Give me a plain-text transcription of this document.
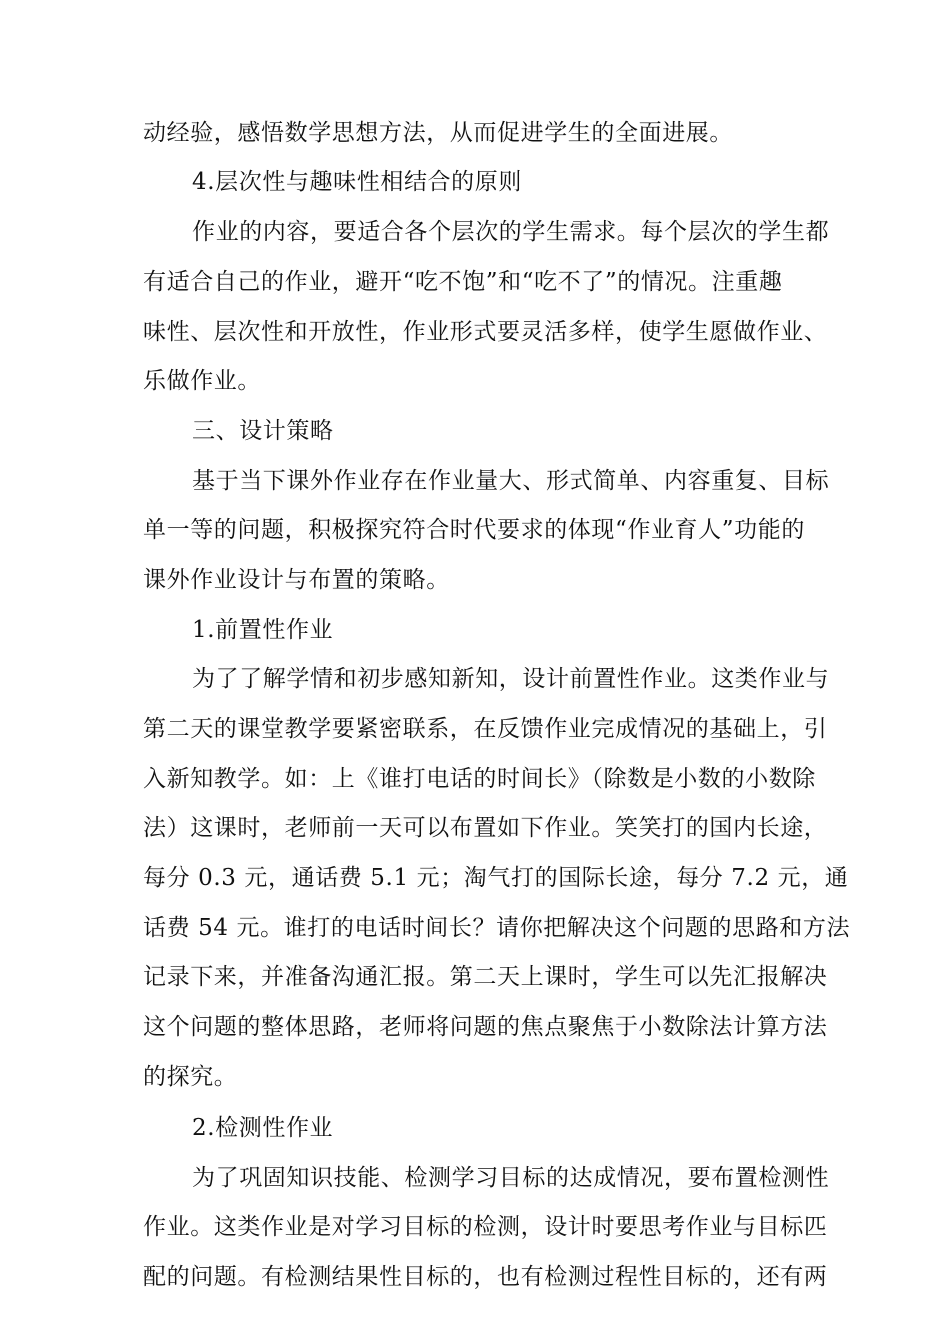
动经验，感悟数学思想方法，从而促进学生的全面进展。

4.层次性与趣味性相结合的原则

作业的内容，要适合各个层次的学生需求。每个层次的学生都

有适合自己的作业，避开“吃不饱”和“吃不了”的情况。注重趣

味性、层次性和开放性，作业形式要灵活多样，使学生愿做作业、

乐做作业。

三、设计策略

基于当下课外作业存在作业量大、形式简单、内容重复、目标

单一等的问题，积极探究符合时代要求的体现“作业育人”功能的

课外作业设计与布置的策略。

1.前置性作业

为了了解学情和初步感知新知，设计前置性作业。这类作业与

第二天的课堂教学要紧密联系，在反馈作业完成情况的基础上，引

入新知教学。如：上《谁打电话的时间长》（除数是小数的小数除

法）这课时，老师前一天可以布置如下作业。笑笑打的国内长途，

每分 0.3 元，通话费 5.1 元；淘气打的国际长途，每分 7.2 元，通

话费 54 元。谁打的电话时间长？请你把解决这个问题的思路和方法

记录下来，并准备沟通汇报。第二天上课时，学生可以先汇报解决

这个问题的整体思路，老师将问题的焦点聚焦于小数除法计算方法

的探究。

2.检测性作业

为了巩固知识技能、检测学习目标的达成情况，要布置检测性

作业。这类作业是对学习目标的检测，设计时要思考作业与目标匹

配的问题。有检测结果性目标的，也有检测过程性目标的，还有两
